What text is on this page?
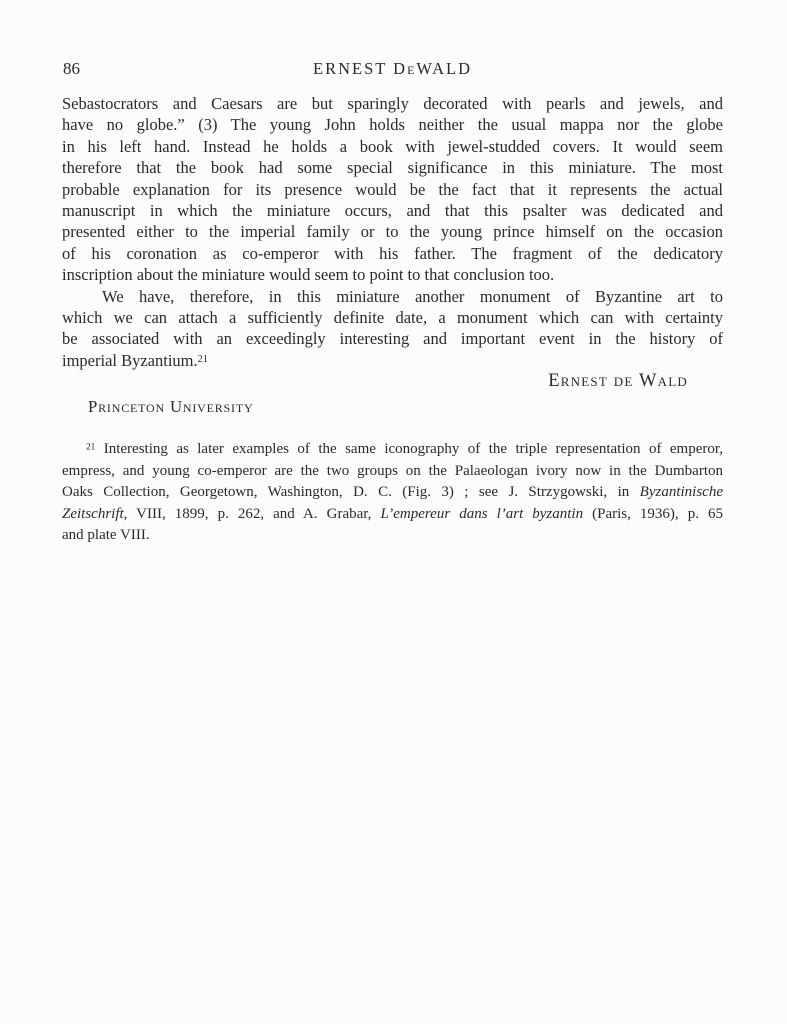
86	ERNEST DEWALD
Sebastocrators and Caesars are but sparingly decorated with pearls and jewels, and
have no globe.” (3) The young John holds neither the usual mappa nor the globe
in his left hand. Instead he holds a book with jewel-studded covers. It would seem
therefore that the book had some special significance in this miniature. The most
probable explanation for its presence would be the fact that it represents the actual
manuscript in which the miniature occurs, and that this psalter was dedicated and
presented either to the imperial family or to the young prince himself on the occasion
of his coronation as co-emperor with his father. The fragment of the dedicatory
inscription about the miniature would seem to point to that conclusion too.
We have, therefore, in this miniature another monument of Byzantine art to
which we can attach a sufficiently definite date, a monument which can with certainty
be associated with an exceedingly interesting and important event in the history of
imperial Byzantium.$^{21}$
Ernest de Wald
Princeton University
$^{21}$ Interesting as later examples of the same iconography of the triple representation of emperor,
empress, and young co-emperor are the two groups on the Palaeologan ivory now in the Dumbarton
Oaks Collection, Georgetown, Washington, D. C. (Fig. 3) ; see J. Strzygowski, in Byzantinische
Zeitschrift, VIII, 1899, p. 262, and A. Grabar, L’empereur dans l’art byzantin (Paris, 1936), p. 65
and plate VIII.
